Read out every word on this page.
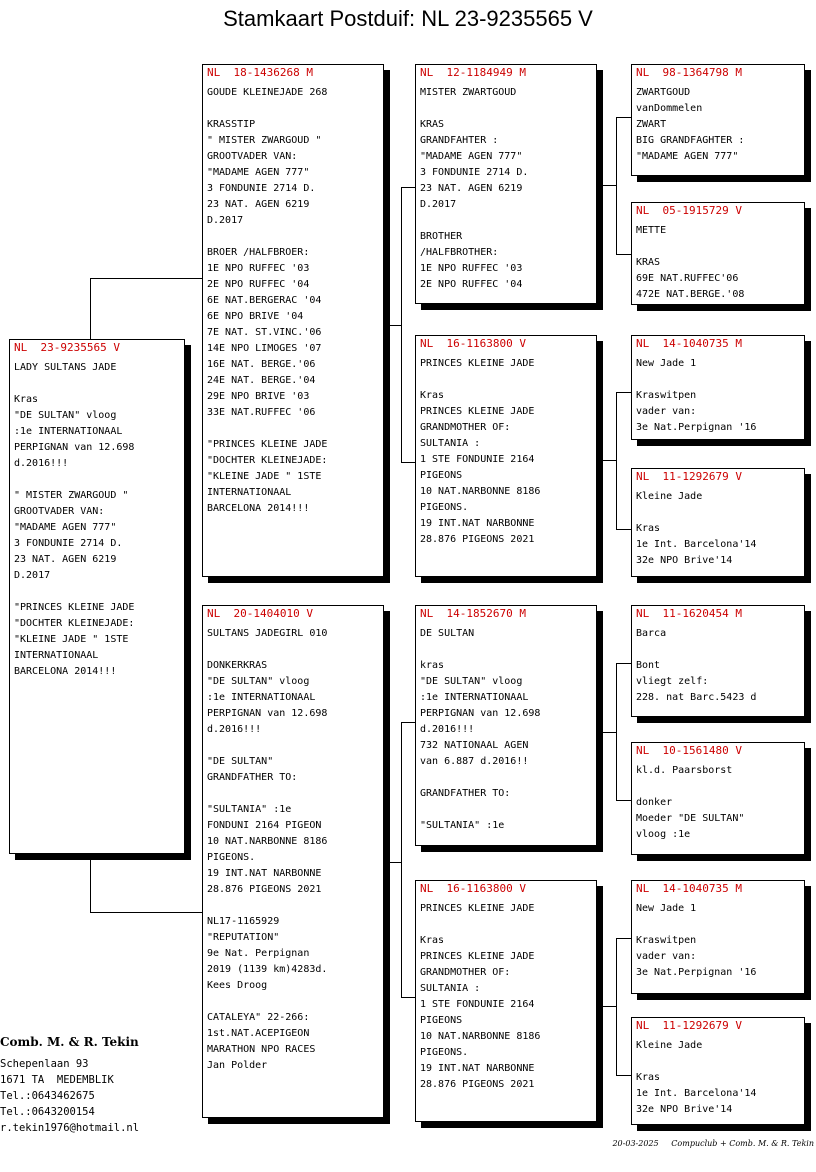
Stamkaart Postduif: NL 23-9235565 V
NL  23-9235565 V
LADY SULTANS JADE

Kras
"DE SULTAN" vloog
:1e INTERNATIONAAL
PERPIGNAN van 12.698
d.2016!!!

" MISTER ZWARGOUD "
GROOTVADER VAN:
"MADAME AGEN 777"
3 FONDUNIE 2714 D.
23 NAT. AGEN 6219
D.2017

"PRINCES KLEINE JADE
"DOCHTER KLEINEJADE:
"KLEINE JADE " 1STE
INTERNATIONAAL
BARCELONA 2014!!!
NL  18-1436268 M
GOUDE KLEINEJADE 268

KRASSTIP
" MISTER ZWARGOUD "
GROOTVADER VAN:
"MADAME AGEN 777"
3 FONDUNIE 2714 D.
23 NAT. AGEN 6219
D.2017

BROER /HALFBROER:
1E NPO RUFFEC '03
2E NPO RUFFEC '04
6E NAT.BERGERAC '04
6E NPO BRIVE '04
7E NAT. ST.VINC.'06
14E NPO LIMOGES '07
16E NAT. BERGE.'06
24E NAT. BERGE.'04
29E NPO BRIVE '03
33E NAT.RUFFEC '06

"PRINCES KLEINE JADE
"DOCHTER KLEINEJADE:
"KLEINE JADE " 1STE
INTERNATIONAAL
BARCELONA 2014!!!
NL  20-1404010 V
SULTANS JADEGIRL 010

DONKERKRAS
"DE SULTAN" vloog
:1e INTERNATIONAAL
PERPIGNAN van 12.698
d.2016!!!

"DE SULTAN"
GRANDFATHER TO:

"SULTANIA" :1e
FONDUNI 2164 PIGEON
10 NAT.NARBONNE 8186
PIGEONS.
19 INT.NAT NARBONNE
28.876 PIGEONS 2021

NL17-1165929
"REPUTATION"
9e Nat. Perpignan
2019 (1139 km)4283d.
Kees Droog

CATALEYA" 22-266:
1st.NAT.ACEPIGEON
MARATHON NPO RACES
Jan Polder
NL  12-1184949 M
MISTER ZWARTGOUD

KRAS
GRANDFAHTER :
"MADAME AGEN 777"
3 FONDUNIE 2714 D.
23 NAT. AGEN 6219
D.2017

BROTHER
/HALFBROTHER:
1E NPO RUFFEC '03
2E NPO RUFFEC '04
NL  16-1163800 V
PRINCES KLEINE JADE

Kras
PRINCES KLEINE JADE
GRANDMOTHER OF:
SULTANIA :
1 STE FONDUNIE 2164
PIGEONS
10 NAT.NARBONNE 8186
PIGEONS.
19 INT.NAT NARBONNE
28.876 PIGEONS 2021
NL  14-1852670 M
DE SULTAN

kras
"DE SULTAN" vloog
:1e INTERNATIONAAL
PERPIGNAN van 12.698
d.2016!!!
732 NATIONAAL AGEN
van 6.887 d.2016!!

GRANDFATHER TO:

"SULTANIA" :1e
NL  16-1163800 V
PRINCES KLEINE JADE

Kras
PRINCES KLEINE JADE
GRANDMOTHER OF:
SULTANIA :
1 STE FONDUNIE 2164
PIGEONS
10 NAT.NARBONNE 8186
PIGEONS.
19 INT.NAT NARBONNE
28.876 PIGEONS 2021
NL  98-1364798 M
ZWARTGOUD
vanDommelen
ZWART
BIG GRANDFAGHTER :
"MADAME AGEN 777"
NL  05-1915729 V
METTE

KRAS
69E NAT.RUFFEC'06
472E NAT.BERGE.'08
NL  14-1040735 M
New Jade 1

Kraswitpen
vader van:
3e Nat.Perpignan '16
NL  11-1292679 V
Kleine Jade

Kras
1e Int. Barcelona'14
32e NPO Brive'14
NL  11-1620454 M
Barca

Bont
vliegt zelf:
228. nat Barc.5423 d
NL  10-1561480 V
kl.d. Paarsborst

donker
Moeder "DE SULTAN"
vloog :1e
NL  14-1040735 M
New Jade 1

Kraswitpen
vader van:
3e Nat.Perpignan '16
NL  11-1292679 V
Kleine Jade

Kras
1e Int. Barcelona'14
32e NPO Brive'14
Comb. M. & R. Tekin
Schepenlaan 93
1671 TA  MEDEMBLIK
Tel.:0643462675
Tel.:0643200154
r.tekin1976@hotmail.nl
20-03-2025     Compuclub + Comb. M. & R. Tekin
